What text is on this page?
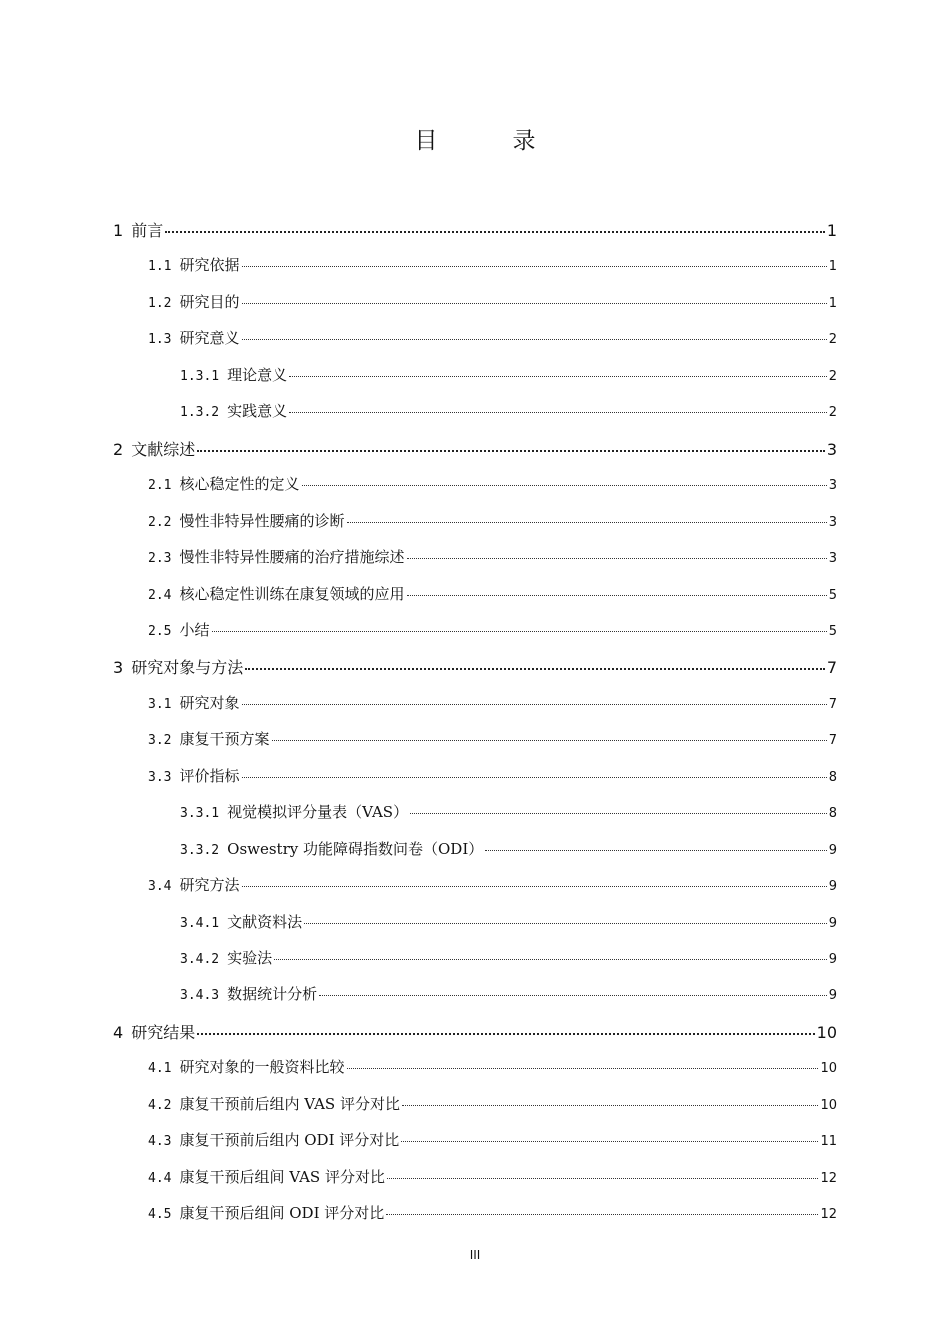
目　录
1 前言	1
1.1 研究依据	1
1.2 研究目的	1
1.3 研究意义	2
1.3.1 理论意义	2
1.3.2 实践意义	2
2 文献综述	3
2.1 核心稳定性的定义	3
2.2 慢性非特异性腰痛的诊断	3
2.3 慢性非特异性腰痛的治疗措施综述	3
2.4 核心稳定性训练在康复领域的应用	5
2.5 小结	5
3 研究对象与方法	7
3.1 研究对象	7
3.2 康复干预方案	7
3.3 评价指标	8
3.3.1 视觉模拟评分量表（VAS）	8
3.3.2 Oswestry 功能障碍指数问卷（ODI）	9
3.4 研究方法	9
3.4.1 文献资料法	9
3.4.2 实验法	9
3.4.3 数据统计分析	9
4 研究结果	10
4.1 研究对象的一般资料比较	10
4.2 康复干预前后组内 VAS 评分对比	10
4.3 康复干预前后组内 ODI 评分对比	11
4.4 康复干预后组间 VAS 评分对比	12
4.5 康复干预后组间 ODI 评分对比	12
III
